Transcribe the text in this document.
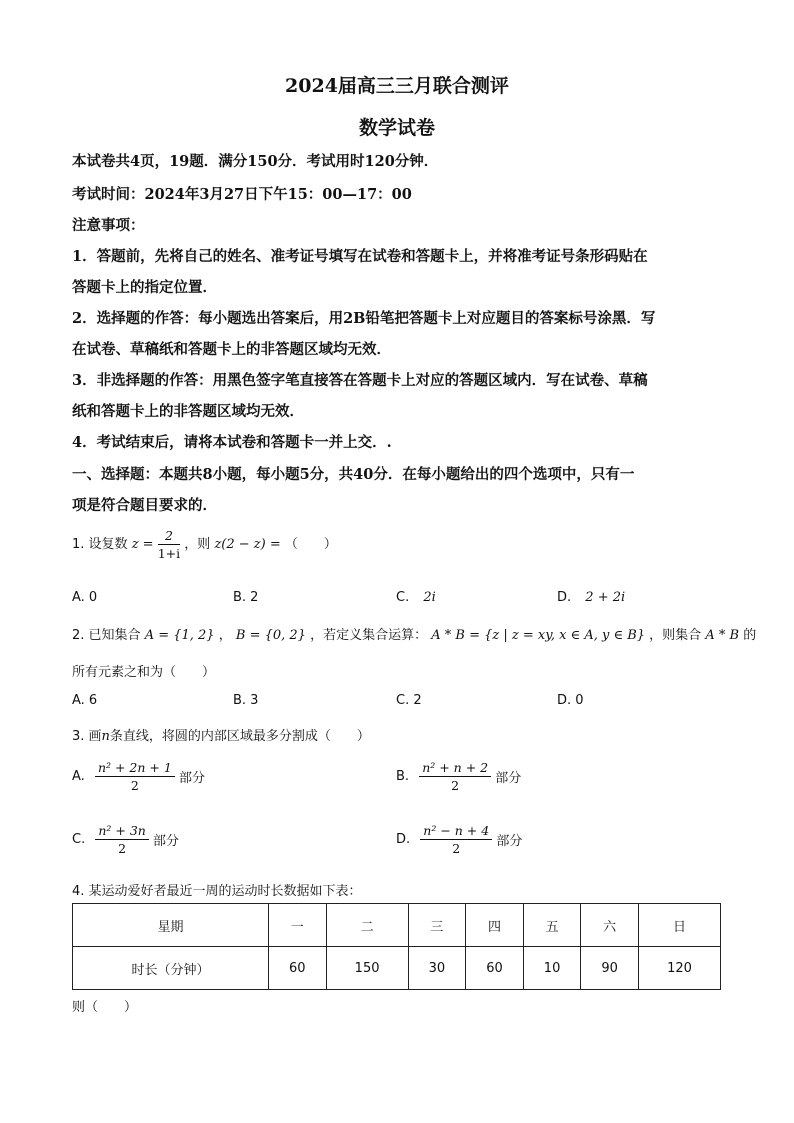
2024届高三三月联合测评
数学试卷
本试卷共4页，19题．满分150分．考试用时120分钟．
考试时间：2024年3月27日下午15：00—17：00
注意事项：
1．答题前，先将自己的姓名、准考证号填写在试卷和答题卡上，并将准考证号条形码贴在
答题卡上的指定位置．
2．选择题的作答：每小题选出答案后，用2B铅笔把答题卡上对应题目的答案标号涂黑．写
在试卷、草稿纸和答题卡上的非答题区域均无效．
3．非选择题的作答：用黑色签字笔直接答在答题卡上对应的答题区域内．写在试卷、草稿
纸和答题卡上的非答题区域均无效．
4．考试结束后，请将本试卷和答题卡一并上交．.
一、选择题：本题共8小题，每小题5分，共40分．在每小题给出的四个选项中，只有一
项是符合题目要求的．
1. 设复数 $z = \frac{2}{1+i}$ ，则 z(2 − z) = （　　）
A. 0	B. 2	C. 2i	D. 2 + 2i
2. 已知集合 A = {1, 2} ， B = {0, 2} ，若定义集合运算： A * B = {z | z = xy, x ∈ A, y ∈ B} ，则集合 A * B 的
所有元素之和为（　　）
A. 6	B. 3	C. 2	D. 0
3. 画n条直线，将圆的内部区域最多分割成（　　）
A. $\frac{\text{n² + 2n + 1}}{2}$ 部分	B. $\frac{\text{n² + n + 2}}{2}$ 部分
C. $\frac{\text{n² + 3n}}{2}$ 部分	D. $\frac{\text{n² − n + 4}}{2}$ 部分
4. 某运动爱好者最近一周的运动时长数据如下表：
星期	一	二	三	四	五	六	日
时长（分钟）	60	150	30	60	10	90	120
则（　　）
